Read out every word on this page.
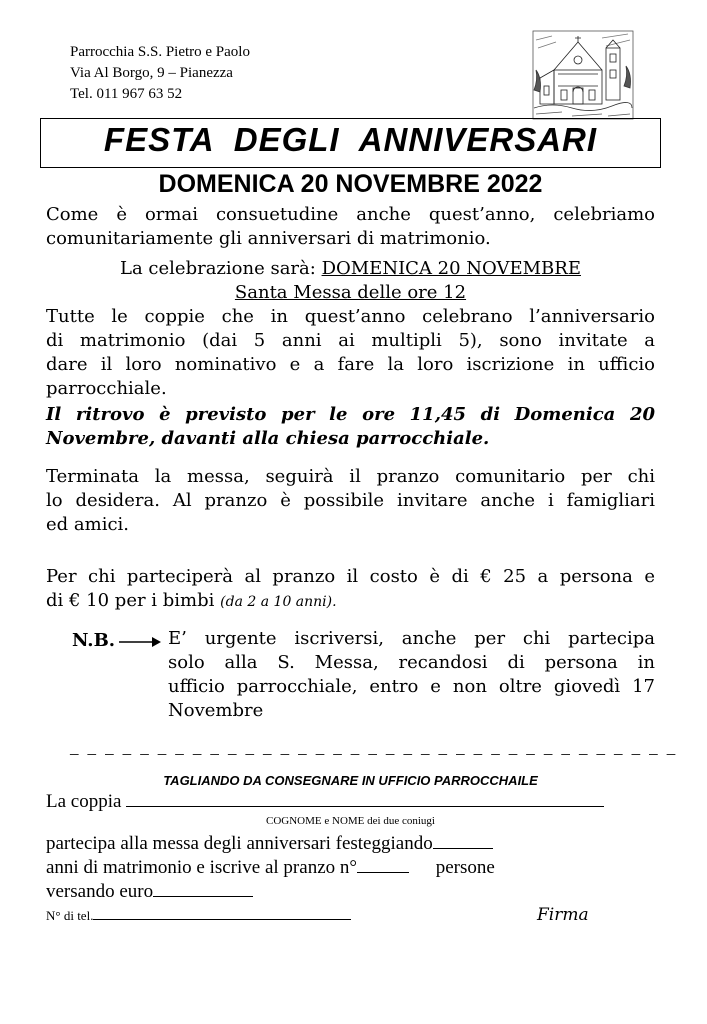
Parrocchia S.S. Pietro e Paolo
Via Al Borgo, 9 – Pianezza
Tel. 011 967 63 52
FESTA  DEGLI  ANNIVERSARI
DOMENICA 20 NOVEMBRE 2022
Come è ormai consuetudine anche quest’anno, celebriamo
comunitariamente gli anniversari di matrimonio.
La celebrazione sarà: DOMENICA 20 NOVEMBRE
Santa Messa delle ore 12
Tutte le coppie che in quest’anno celebrano l’anniversario
di matrimonio (dai 5 anni ai multipli 5), sono invitate a
dare il loro nominativo e a fare la loro iscrizione in ufficio
parrocchiale.
Il ritrovo è previsto per le ore 11,45 di Domenica 20
Novembre, davanti alla chiesa parrocchiale.
Terminata la messa, seguirà il pranzo comunitario per chi
lo desidera. Al pranzo è possibile invitare anche i famigliari
ed amici.
Per chi parteciperà al pranzo il costo è di € 25 a persona e
di € 10 per i bimbi (da 2 a 10 anni).
N.B.	E’ urgente iscriversi, anche per chi partecipa
solo alla S. Messa, recandosi di persona in
ufficio parrocchiale, entro e non oltre giovedì 17
Novembre
_ _ _ _ _ _ _ _ _ _ _ _ _ _ _ _ _ _ _ _ _ _ _ _ _ _ _ _ _ _ _ _ _ _ _
TAGLIANDO DA CONSEGNARE IN UFFICIO PARROCCHAILE
La coppia
COGNOME e NOME dei due coniugi
partecipa alla messa degli anniversari festeggiando
anni di matrimonio e iscrive al pranzo n°	persone
versando euro
N° di tel.	Firma
